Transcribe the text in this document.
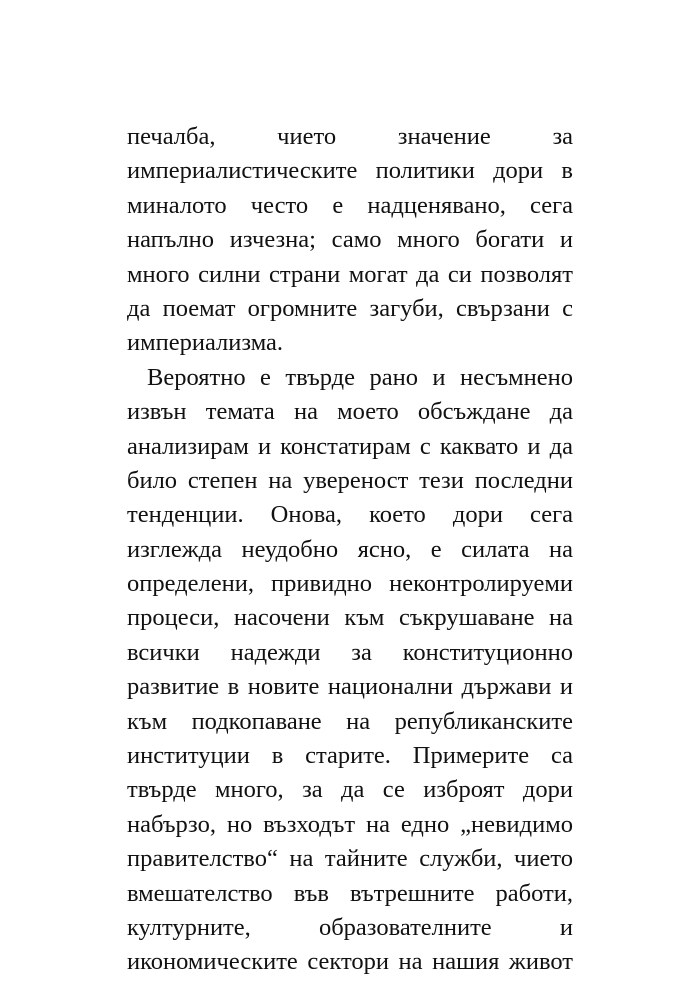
печалба, чието значение за
империалистическите политики дори в
миналото често е надценявано, сега
напълно изчезна; само много богати и
много силни страни могат да си позволят
да поемат огромните загуби, свързани с
империализма.
Вероятно е твърде рано и несъмнено
извън темата на моето обсъждане да
анализирам и констатирам с каквато и да
било степен на увереност тези последни
тенденции. Онова, което дори сега
изглежда неудобно ясно, е силата на
определени, привидно неконтролируеми
процеси, насочени към съкрушаване на
всички надежди за конституционно
развитие в новите национални държави и
към подкопаване на републиканските
институции в старите. Примерите са
твърде много, за да се изброят дори
набързо, но възходът на едно „невидимо
правителство“ на тайните служби, чието
вмешателство във вътрешните работи,
културните, образователните и
икономическите сектори на нашия живот
